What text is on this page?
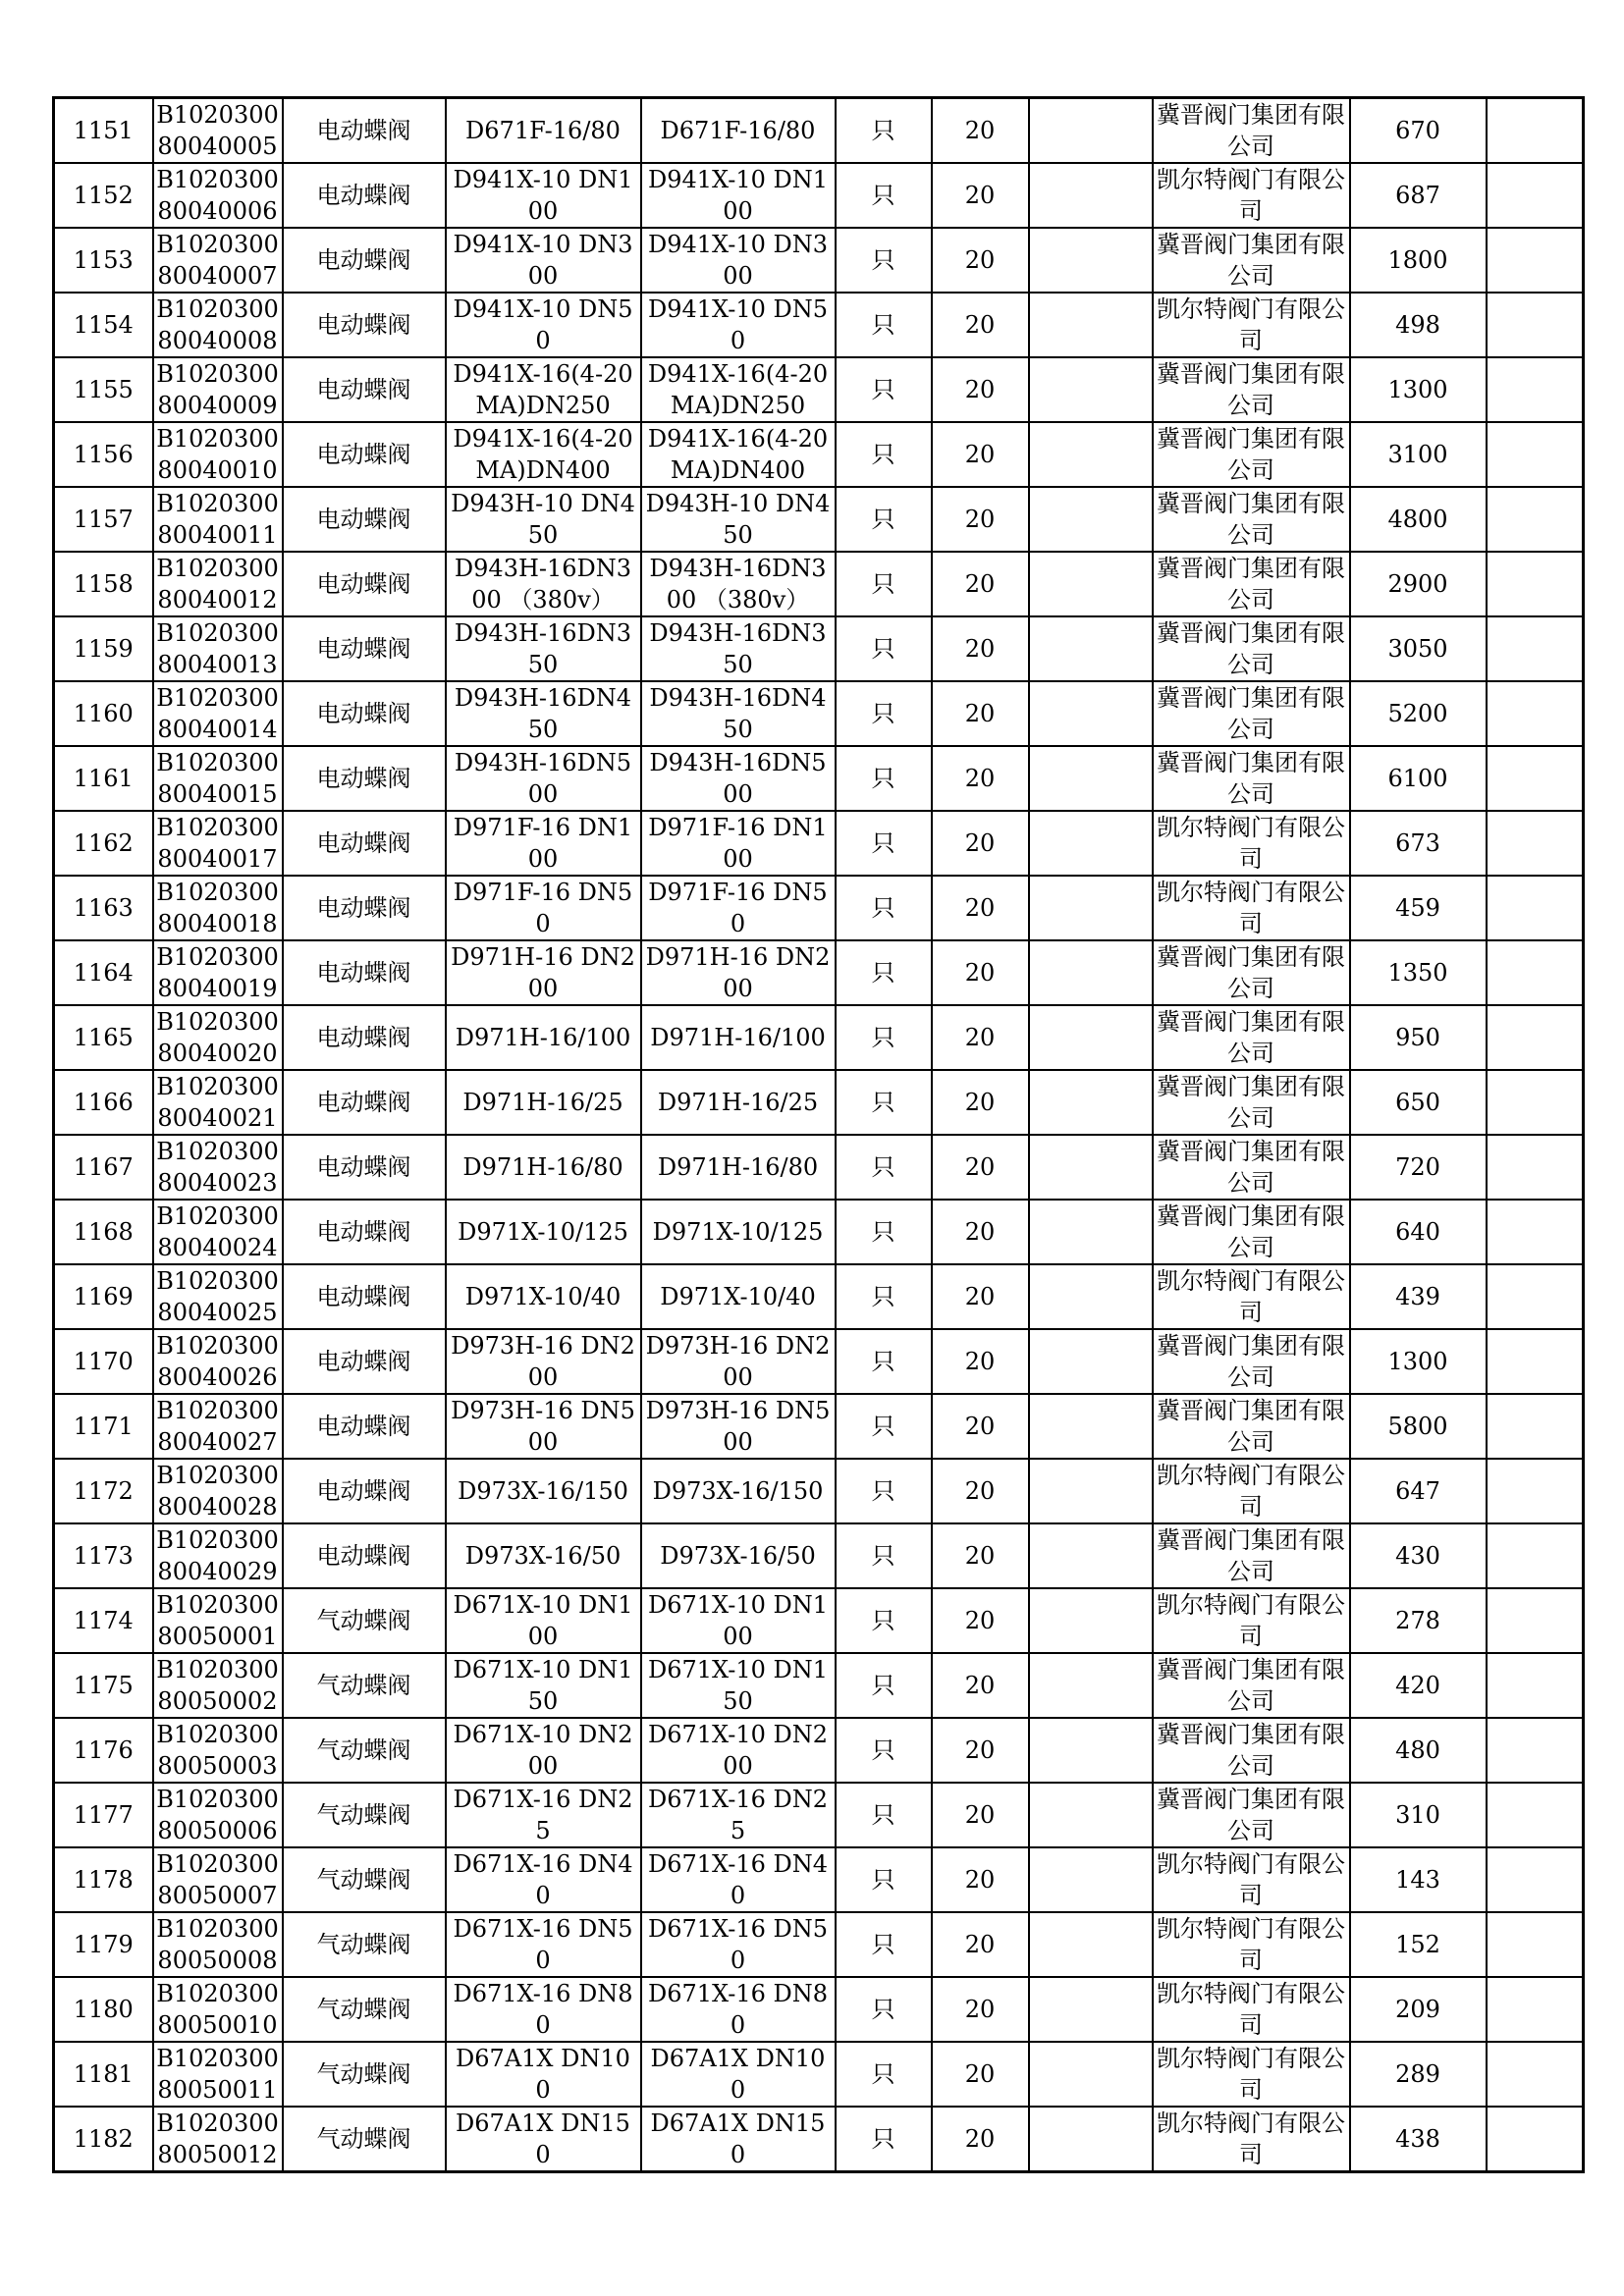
1151	B1020300 80040005	电动蝶阀	D671F-16/80	D671F-16/80	只	20		冀晋阀门集团有限公司	670	
1152	B1020300 80040006	电动蝶阀	D941X-10 DN100	D941X-10 DN100	只	20		凯尔特阀门有限公司	687	
1153	B1020300 80040007	电动蝶阀	D941X-10 DN300	D941X-10 DN300	只	20		冀晋阀门集团有限公司	1800	
1154	B1020300 80040008	电动蝶阀	D941X-10 DN50	D941X-10 DN50	只	20		凯尔特阀门有限公司	498	
1155	B1020300 80040009	电动蝶阀	D941X-16(4-20MA)DN250	D941X-16(4-20MA)DN250	只	20		冀晋阀门集团有限公司	1300	
1156	B1020300 80040010	电动蝶阀	D941X-16(4-20MA)DN400	D941X-16(4-20MA)DN400	只	20		冀晋阀门集团有限公司	3100	
1157	B1020300 80040011	电动蝶阀	D943H-10 DN450	D943H-10 DN450	只	20		冀晋阀门集团有限公司	4800	
1158	B1020300 80040012	电动蝶阀	D943H-16DN300 （380v）	D943H-16DN300 （380v）	只	20		冀晋阀门集团有限公司	2900	
1159	B1020300 80040013	电动蝶阀	D943H-16DN350	D943H-16DN350	只	20		冀晋阀门集团有限公司	3050	
1160	B1020300 80040014	电动蝶阀	D943H-16DN450	D943H-16DN450	只	20		冀晋阀门集团有限公司	5200	
1161	B1020300 80040015	电动蝶阀	D943H-16DN500	D943H-16DN500	只	20		冀晋阀门集团有限公司	6100	
1162	B1020300 80040017	电动蝶阀	D971F-16 DN100	D971F-16 DN100	只	20		凯尔特阀门有限公司	673	
1163	B1020300 80040018	电动蝶阀	D971F-16 DN50	D971F-16 DN50	只	20		凯尔特阀门有限公司	459	
1164	B1020300 80040019	电动蝶阀	D971H-16 DN200	D971H-16 DN200	只	20		冀晋阀门集团有限公司	1350	
1165	B1020300 80040020	电动蝶阀	D971H-16/100	D971H-16/100	只	20		冀晋阀门集团有限公司	950	
1166	B1020300 80040021	电动蝶阀	D971H-16/25	D971H-16/25	只	20		冀晋阀门集团有限公司	650	
1167	B1020300 80040023	电动蝶阀	D971H-16/80	D971H-16/80	只	20		冀晋阀门集团有限公司	720	
1168	B1020300 80040024	电动蝶阀	D971X-10/125	D971X-10/125	只	20		冀晋阀门集团有限公司	640	
1169	B1020300 80040025	电动蝶阀	D971X-10/40	D971X-10/40	只	20		凯尔特阀门有限公司	439	
1170	B1020300 80040026	电动蝶阀	D973H-16 DN200	D973H-16 DN200	只	20		冀晋阀门集团有限公司	1300	
1171	B1020300 80040027	电动蝶阀	D973H-16 DN500	D973H-16 DN500	只	20		冀晋阀门集团有限公司	5800	
1172	B1020300 80040028	电动蝶阀	D973X-16/150	D973X-16/150	只	20		凯尔特阀门有限公司	647	
1173	B1020300 80040029	电动蝶阀	D973X-16/50	D973X-16/50	只	20		冀晋阀门集团有限公司	430	
1174	B1020300 80050001	气动蝶阀	D671X-10 DN100	D671X-10 DN100	只	20		凯尔特阀门有限公司	278	
1175	B1020300 80050002	气动蝶阀	D671X-10 DN150	D671X-10 DN150	只	20		冀晋阀门集团有限公司	420	
1176	B1020300 80050003	气动蝶阀	D671X-10 DN200	D671X-10 DN200	只	20		冀晋阀门集团有限公司	480	
1177	B1020300 80050006	气动蝶阀	D671X-16 DN25	D671X-16 DN25	只	20		冀晋阀门集团有限公司	310	
1178	B1020300 80050007	气动蝶阀	D671X-16 DN40	D671X-16 DN40	只	20		凯尔特阀门有限公司	143	
1179	B1020300 80050008	气动蝶阀	D671X-16 DN50	D671X-16 DN50	只	20		凯尔特阀门有限公司	152	
1180	B1020300 80050010	气动蝶阀	D671X-16 DN80	D671X-16 DN80	只	20		凯尔特阀门有限公司	209	
1181	B1020300 80050011	气动蝶阀	D67A1X DN100	D67A1X DN100	只	20		凯尔特阀门有限公司	289	
1182	B1020300 80050012	气动蝶阀	D67A1X DN150	D67A1X DN150	只	20		凯尔特阀门有限公司	438	
